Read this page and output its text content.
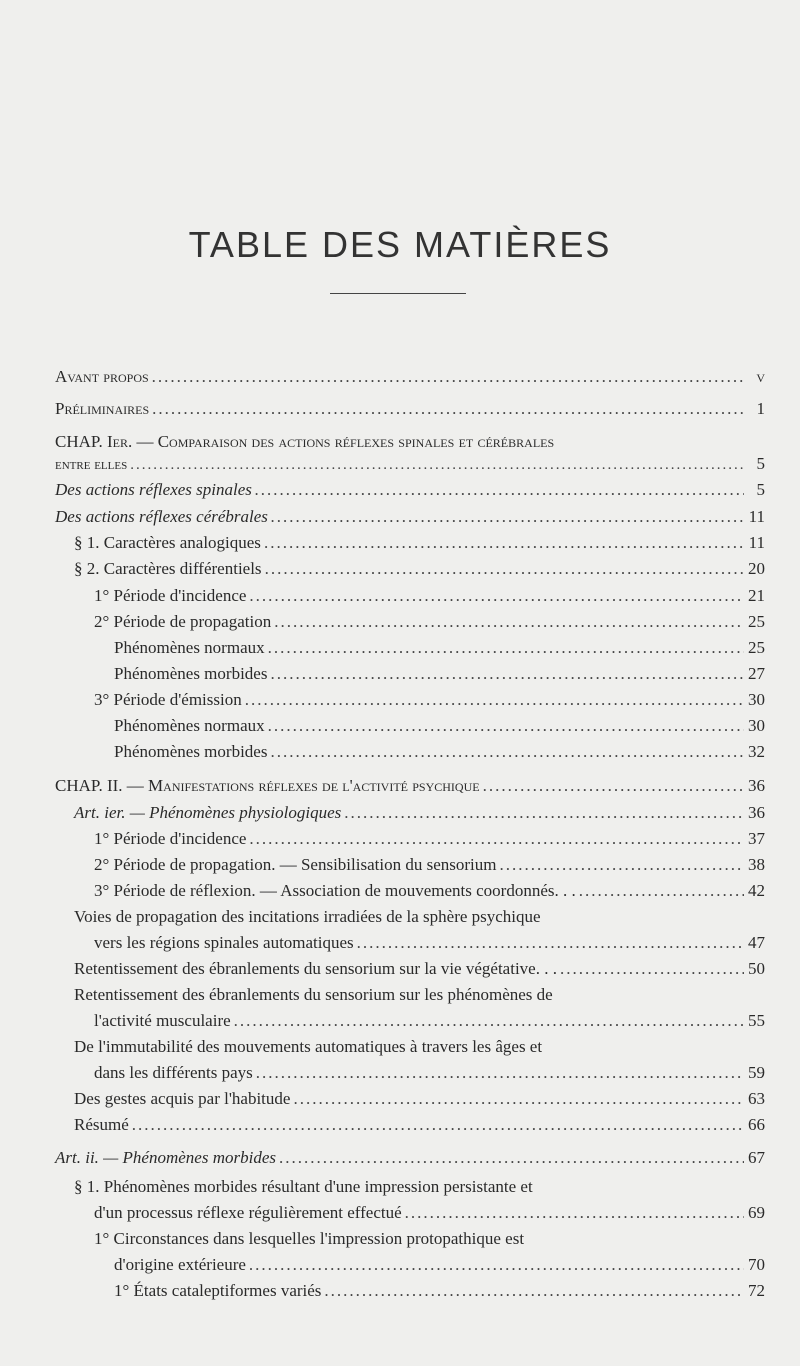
TABLE DES MATIÈRES
Avant propos .....	v
Préliminaires .....	1
CHAP. Ier. — Comparaison des actions réflexes spinales et cérébrales
entre elles .....	5
Des actions réflexes spinales .....	5
Des actions réflexes cérébrales .....	11
§ 1. Caractères analogiques .....	11
§ 2. Caractères différentiels .....	20
1° Période d'incidence .....	21
2° Période de propagation .....	25
Phénomènes normaux .....	25
Phénomènes morbides .....	27
3° Période d'émission .....	30
Phénomènes normaux .....	30
Phénomènes morbides .....	32
CHAP. II. — Manifestations réflexes de l'activité psychique .....	36
Art. ier. — Phénomènes physiologiques .....	36
1° Période d'incidence .....	37
2° Période de propagation. — Sensibilisation du sensorium .....	38
3° Période de réflexion. — Association de mouvements coordonnés. . . .....	42
Voies de propagation des incitations irradiées de la sphère psychique
vers les régions spinales automatiques .....	47
Retentissement des ébranlements du sensorium sur la vie végétative. . . .....	50
Retentissement des ébranlements du sensorium sur les phénomènes de
l'activité musculaire .....	55
De l'immutabilité des mouvements automatiques à travers les âges et
dans les différents pays .....	59
Des gestes acquis par l'habitude .....	63
Résumé .....	66
Art. ii. — Phénomènes morbides .....	67
§ 1. Phénomènes morbides résultant d'une impression persistante et
d'un processus réflexe régulièrement effectué .....	69
1° Circonstances dans lesquelles l'impression protopathique est
d'origine extérieure .....	70
1° États cataleptiformes variés .....	72
